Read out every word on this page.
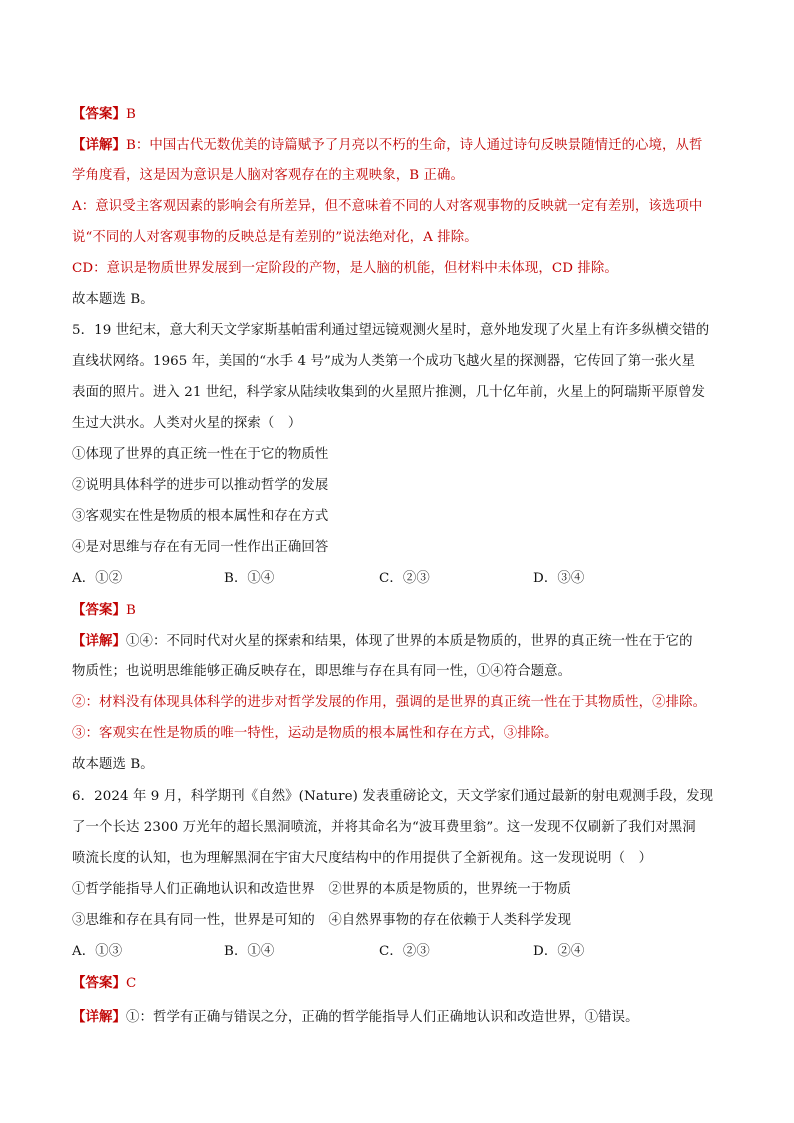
【答案】B
【详解】B：中国古代无数优美的诗篇赋予了月亮以不朽的生命，诗人通过诗句反映景随情迁的心境，从哲
学角度看，这是因为意识是人脑对客观存在的主观映象，B 正确。
A：意识受主客观因素的影响会有所差异，但不意味着不同的人对客观事物的反映就一定有差别，该选项中
说“不同的人对客观事物的反映总是有差别的”说法绝对化，A 排除。
CD：意识是物质世界发展到一定阶段的产物，是人脑的机能，但材料中未体现，CD 排除。
故本题选 B。
5．19 世纪末，意大利天文学家斯基帕雷利通过望远镜观测火星时，意外地发现了火星上有许多纵横交错的
直线状网络。1965 年，美国的“水手 4 号”成为人类第一个成功飞越火星的探测器，它传回了第一张火星
表面的照片。进入 21 世纪，科学家从陆续收集到的火星照片推测，几十亿年前，火星上的阿瑞斯平原曾发
生过大洪水。人类对火星的探索（　）
①体现了世界的真正统一性在于它的物质性
②说明具体科学的进步可以推动哲学的发展
③客观实在性是物质的根本属性和存在方式
④是对思维与存在有无同一性作出正确回答
A．①②	B．①④	C．②③	D．③④
【答案】B
【详解】①④：不同时代对火星的探索和结果，体现了世界的本质是物质的，世界的真正统一性在于它的
物质性；也说明思维能够正确反映存在，即思维与存在具有同一性，①④符合题意。
②：材料没有体现具体科学的进步对哲学发展的作用，强调的是世界的真正统一性在于其物质性，②排除。
③：客观实在性是物质的唯一特性，运动是物质的根本属性和存在方式，③排除。
故本题选 B。
6．2024 年 9 月，科学期刊《自然》(Nature) 发表重磅论文，天文学家们通过最新的射电观测手段，发现
了一个长达 2300 万光年的超长黑洞喷流，并将其命名为“波耳费里翁”。这一发现不仅刷新了我们对黑洞
喷流长度的认知，也为理解黑洞在宇宙大尺度结构中的作用提供了全新视角。这一发现说明（　）
①哲学能指导人们正确地认识和改造世界　②世界的本质是物质的，世界统一于物质
③思维和存在具有同一性，世界是可知的　④自然界事物的存在依赖于人类科学发现
A．①③	B．①④	C．②③	D．②④
【答案】C
【详解】①：哲学有正确与错误之分，正确的哲学能指导人们正确地认识和改造世界，①错误。
